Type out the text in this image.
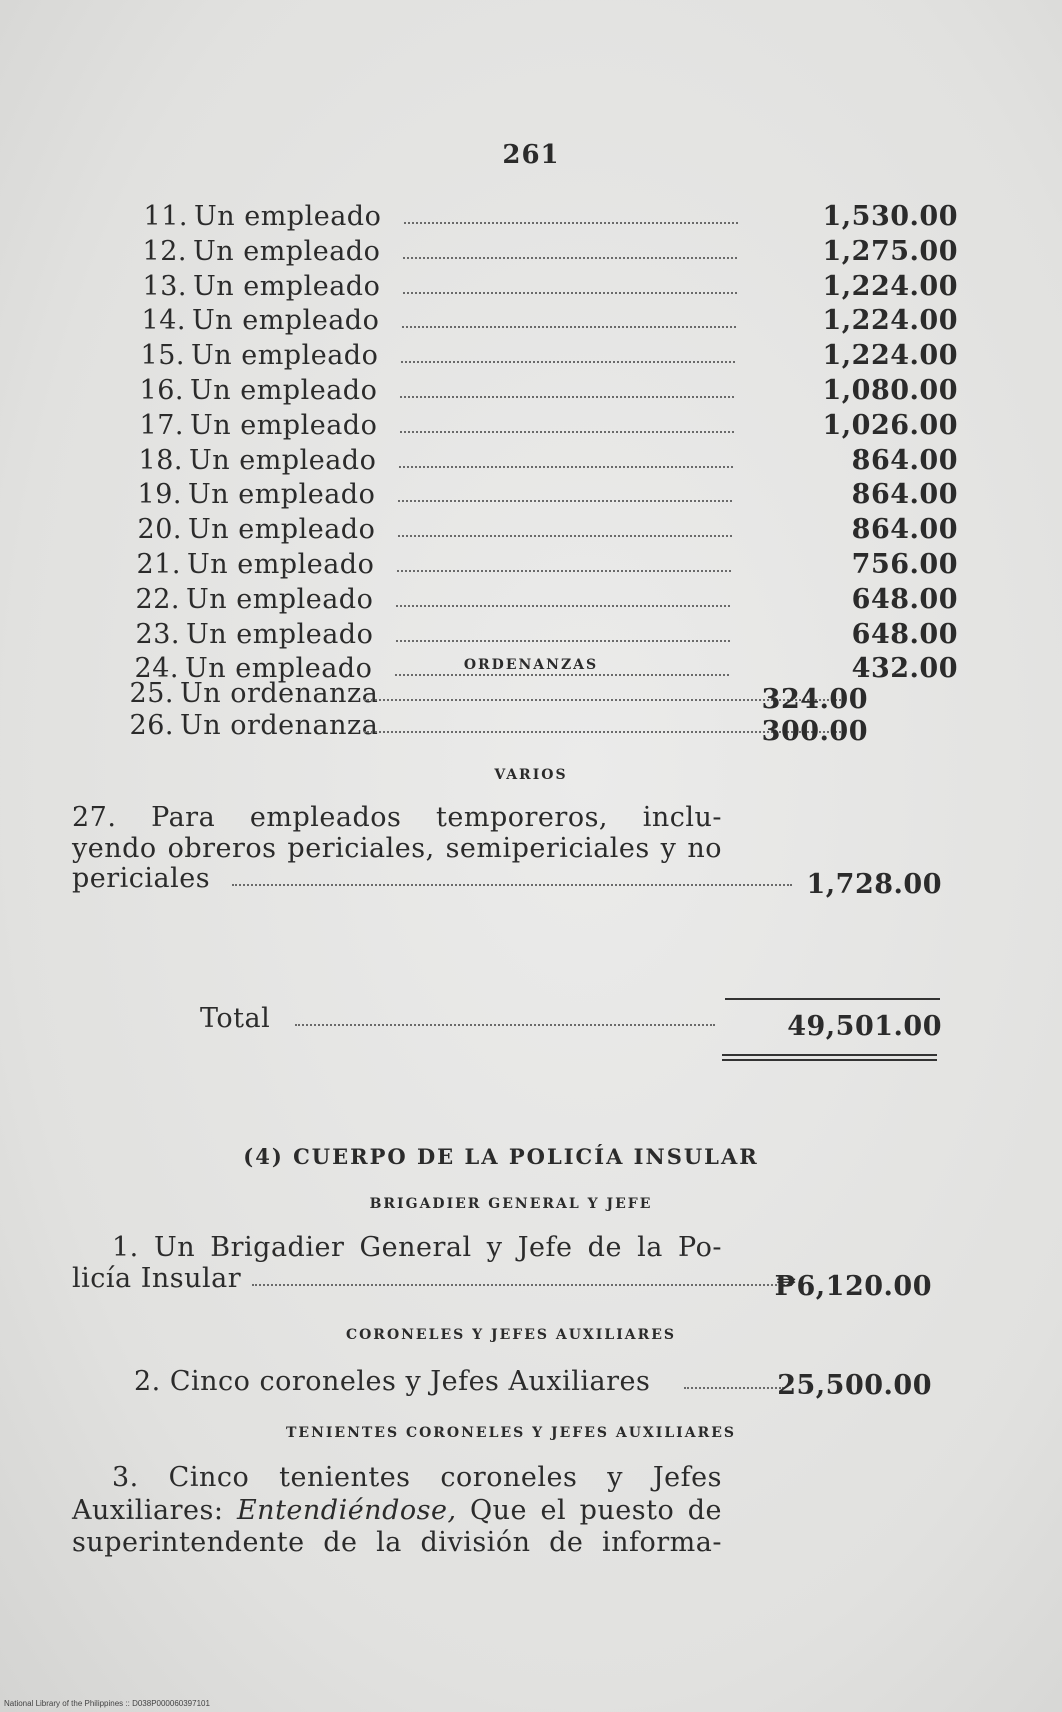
261
11. Un empleado	1,530.00
12. Un empleado	1,275.00
13. Un empleado	1,224.00
14. Un empleado	1,224.00
15. Un empleado	1,224.00
16. Un empleado	1,080.00
17. Un empleado	1,026.00
18. Un empleado	864.00
19. Un empleado	864.00
20. Un empleado	864.00
21. Un empleado	756.00
22. Un empleado	648.00
23. Un empleado	648.00
24. Un empleado	432.00
ORDENANZAS
25. Un ordenanza	324.00
26. Un ordenanza	300.00
VARIOS
27. Para empleados temporeros, inclu-
yendo obreros periciales, semipericiales y no
periciales	1,728.00
Total	49,501.00
(4) CUERPO DE LA POLICÍA INSULAR
BRIGADIER GENERAL Y JEFE
1. Un Brigadier General y Jefe de la Po-
licía Insular	₱6,120.00
CORONELES Y JEFES AUXILIARES
2. Cinco coroneles y Jefes Auxiliares	25,500.00
TENIENTES CORONELES Y JEFES AUXILIARES
3. Cinco tenientes coroneles y Jefes
Auxiliares: Entendiéndose, Que el puesto de
superintendente de la división de informa-
National Library of the Philippines :: D038P000060397101
